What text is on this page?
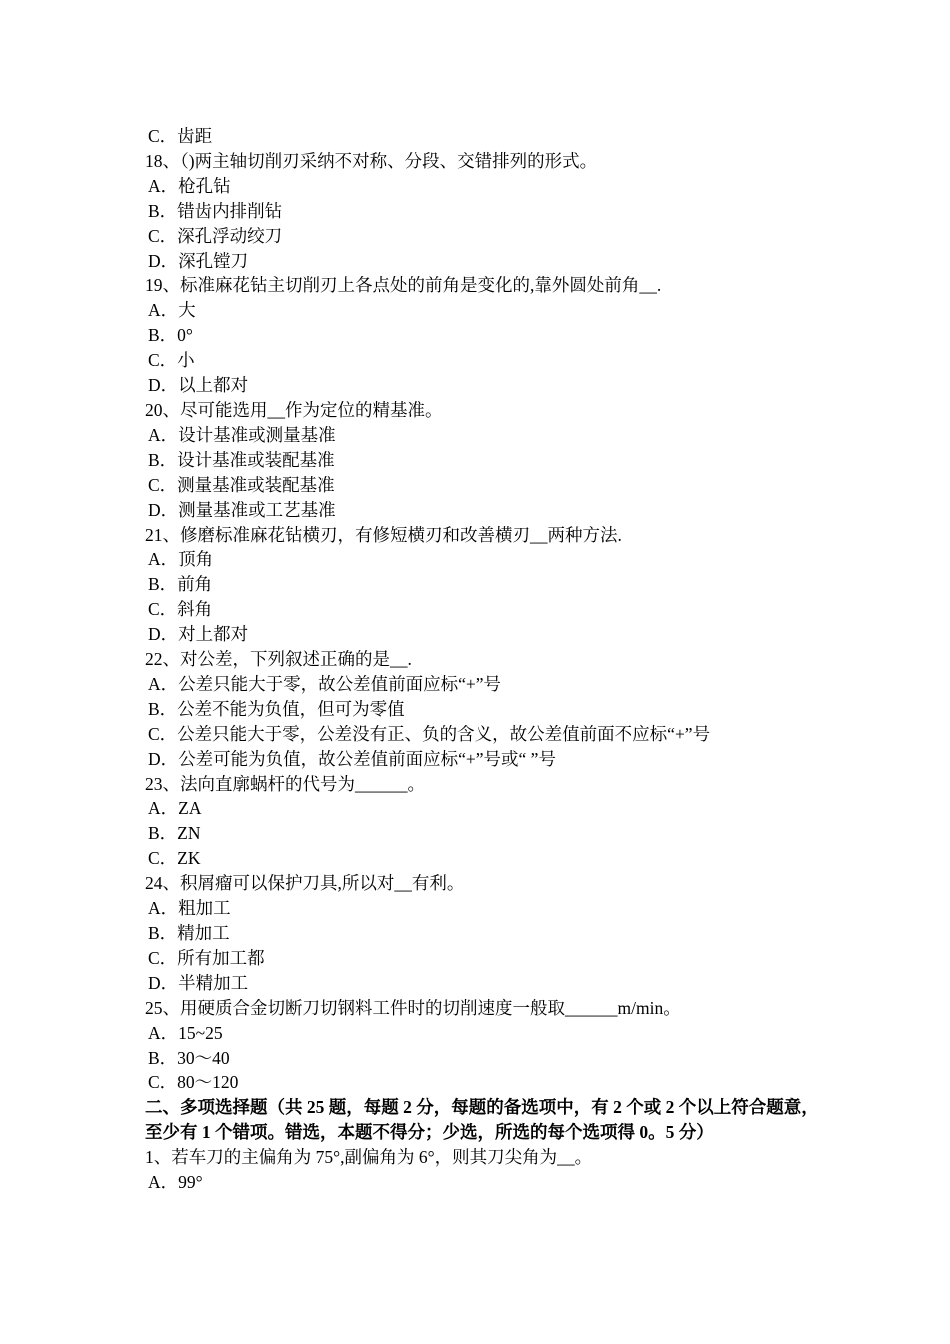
C．齿距
18、（)两主轴切削刃采纳不对称、分段、交错排列的形式。
A．枪孔钻
B．错齿内排削钻
C．深孔浮动绞刀
D．深孔镗刀
19、标准麻花钻主切削刃上各点处的前角是变化的,靠外圆处前角__.
A．大
B．0°
C．小
D．以上都对
20、尽可能选用__作为定位的精基准。
A．设计基准或测量基准
B．设计基准或装配基准
C．测量基准或装配基准
D．测量基准或工艺基准
21、修磨标准麻花钻横刃，有修短横刃和改善横刃__两种方法.
A．顶角
B．前角
C．斜角
D．对上都对
22、对公差，下列叙述正确的是__.
A．公差只能大于零，故公差值前面应标“+”号
B．公差不能为负值，但可为零值
C．公差只能大于零，公差没有正、负的含义，故公差值前面不应标“+”号
D．公差可能为负值，故公差值前面应标“+”号或“ ”号
23、法向直廓蜗杆的代号为______。
A．ZA
B．ZN
C．ZK
24、积屑瘤可以保护刀具,所以对__有利。
A．粗加工
B．精加工
C．所有加工都
D．半精加工
25、用硬质合金切断刀切钢料工件时的切削速度一般取______m/min。
A．15~25
B．30～40
C．80～120
二、多项选择题（共 25 题，每题 2 分，每题的备选项中，有 2 个或 2 个以上符合题意，至少有 1 个错项。错选，本题不得分；少选，所选的每个选项得 0。5 分）
1、若车刀的主偏角为 75°,副偏角为 6°，则其刀尖角为__。
A．99°
